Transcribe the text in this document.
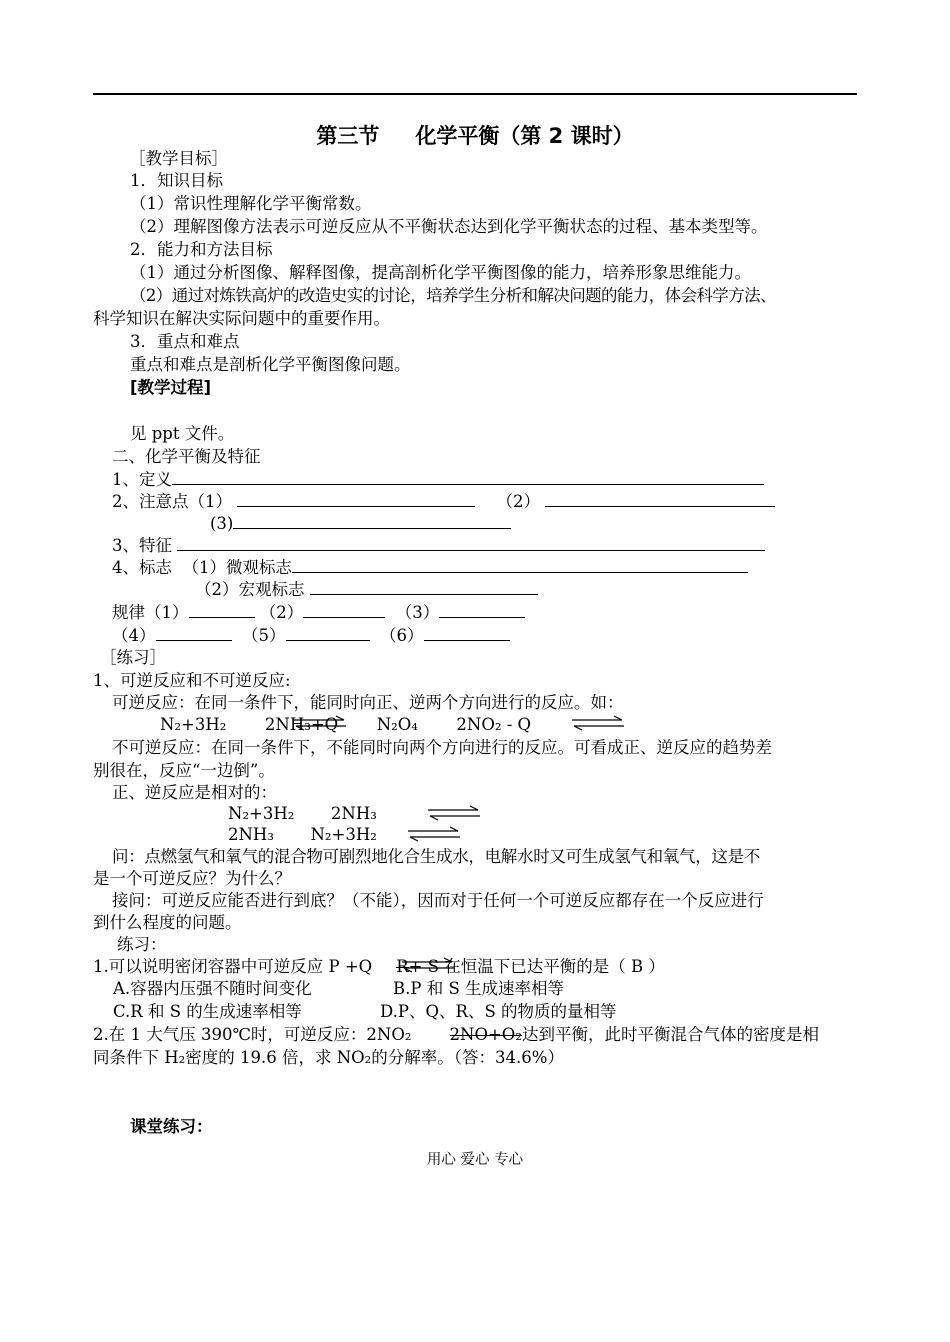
第三节 化学平衡（第 2 课时）
［教学目标］
1．知识目标
（1）常识性理解化学平衡常数。
（2）理解图像方法表示可逆反应从不平衡状态达到化学平衡状态的过程、基本类型等。
2．能力和方法目标
（1）通过分析图像、解释图像，提高剖析化学平衡图像的能力，培养形象思维能力。
（2）通过对炼铁高炉的改造史实的讨论，培养学生分析和解决问题的能力，体会科学方法、
科学知识在解决实际问题中的重要作用。
3．重点和难点
重点和难点是剖析化学平衡图像问题。
[教学过程]
见 ppt 文件。
二、化学平衡及特征
1、定义
2、注意点（1）	（2）
(3)
3、特征
4、标志 （1）微观标志
（2）宏观标志
规律（1）	（2）	（3）
（4）	（5）	（6）
［练习］
1、可逆反应和不可逆反应:
可逆反应：在同一条件下，能同时向正、逆两个方向进行的反应。如：
N₂+3H₂ 2NH₃+Q N₂O₄ 2NO₂ - Q
不可逆反应：在同一条件下，不能同时向两个方向进行的反应。可看成正、逆反应的趋势差
别很在，反应“一边倒”。
正、逆反应是相对的：
N₂+3H₂ 2NH₃
2NH₃ N₂+3H₂
问：点燃氢气和氧气的混合物可剧烈地化合生成水，电解水时又可生成氢气和氧气，这是不
是一个可逆反应？为什么？
接问：可逆反应能否进行到底？（不能），因而对于任何一个可逆反应都存在一个反应进行
到什么程度的问题。
练习：
1.可以说明密闭容器中可逆反应 P +Q R+ S 在恒温下已达平衡的是（ B ）
A.容器内压强不随时间变化	B.P 和 S 生成速率相等
C.R 和 S 的生成速率相等	D.P、Q、R、S 的物质的量相等
2.在 1 大气压 390℃时，可逆反应：2NO₂ 2NO+O₂达到平衡，此时平衡混合气体的密度是相
同条件下 H₂密度的 19.6 倍，求 NO₂的分解率。（答：34.6%）
课堂练习：
用心 爱心 专心
